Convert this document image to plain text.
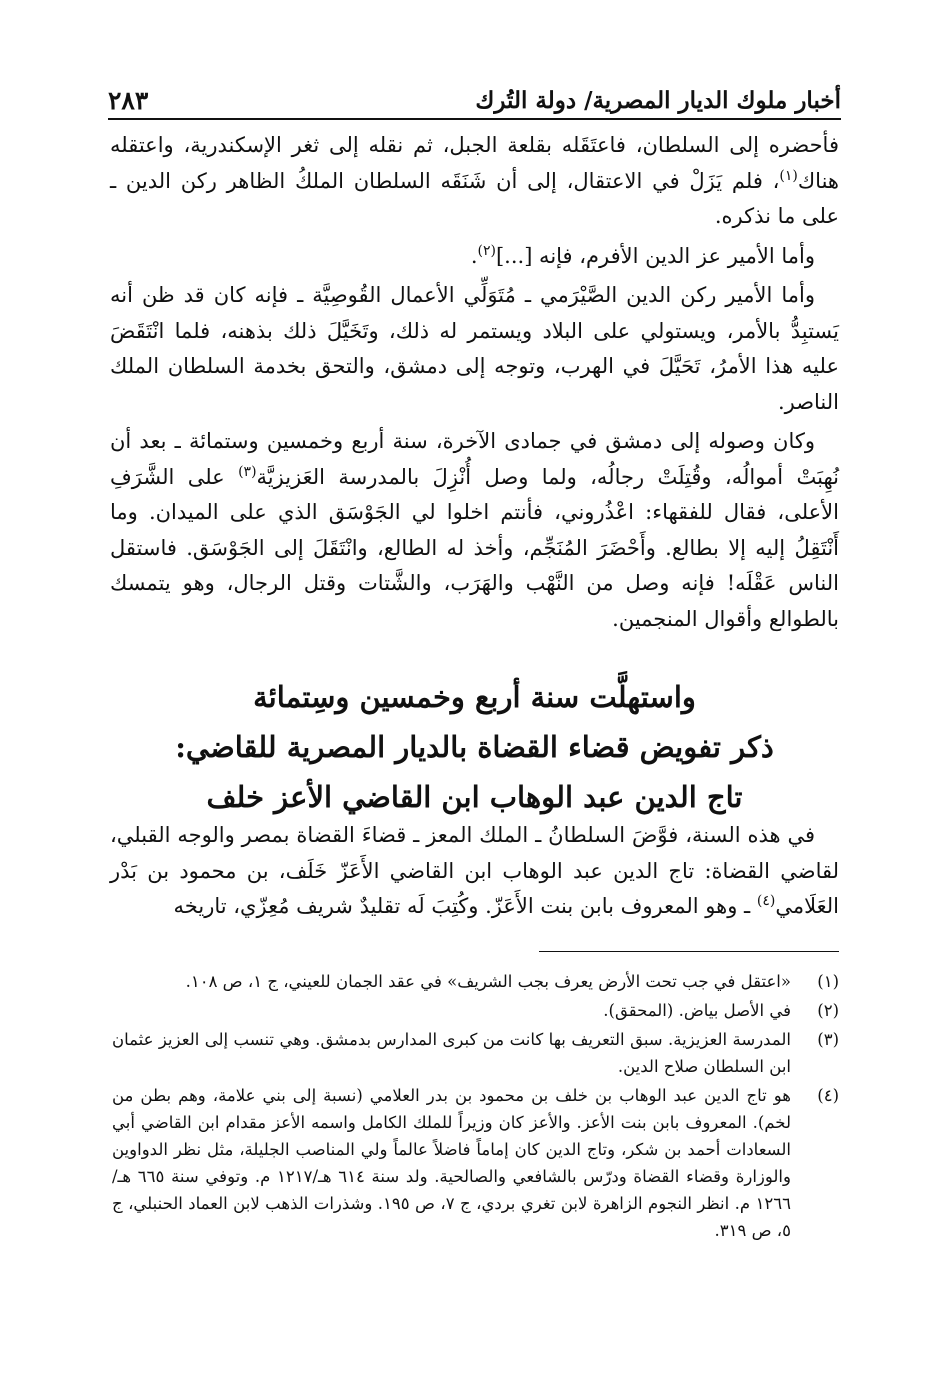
أخبار ملوك الديار المصرية/ دولة التُرك
٢٨٣

فأحضره إلى السلطان، فاعتَقَله بقلعة الجبل، ثم نقله إلى ثغر الإسكندرية، واعتقله هناك$^{(١)}$، فلم يَزَلْ في الاعتقال، إلى أن شَنَقَه السلطان الملكُ الظاهر ركن الدين ـ على ما نذكره.

وأما الأمير عز الدين الأفرم، فإنه [...]$^{(٢)}$.

وأما الأمير ركن الدين الصَّيْرَمي ـ مُتَوَلِّي الأعمال القُوصِيَّة ـ فإنه كان قد ظن أنه يَستبِدُّ بالأمر، ويستولي على البلاد ويستمر له ذلك، وتَخَيَّلَ ذلك بذهنه، فلما انْتَقَضَ عليه هذا الأمرُ، تَحَيَّلَ في الهرب، وتوجه إلى دمشق، والتحق بخدمة السلطان الملك الناصر.

وكان وصوله إلى دمشق في جمادى الآخرة، سنة أربع وخمسين وستمائة ـ بعد أن نُهِبَتْ أموالُه، وقُتِلَتْ رجالُه، ولما وصل أُنْزِلَ بالمدرسة العَزيزيَّة$^{(٣)}$ على الشَّرَفِ الأعلى، فقال للفقهاء: اعْذُروني، فأنتم اخلوا لي الجَوْسَق الذي على الميدان. وما أَنْتَقِلُ إليه إلا بطالع. وأَحْضَرَ المُنَجِّم، وأخذ له الطالع، وانْتَقَلَ إلى الجَوْسَق. فاستقل الناس عَقْلَه! فإنه وصل من النَّهْب والهَرَب، والشَّتات وقتل الرجال، وهو يتمسك بالطوالع وأقوال المنجمين.

واستهلَّت سنة أربع وخمسين وسِتمائة
ذكر تفويض قضاء القضاة بالديار المصرية للقاضي:
تاج الدين عبد الوهاب ابن القاضي الأعز خلف

في هذه السنة، فوَّضَ السلطانُ ـ الملك المعز ـ قضاءَ القضاة بمصر والوجه القبلي، لقاضي القضاة: تاج الدين عبد الوهاب ابن القاضي الأَعَزّ خَلَف، بن محمود بن بَدْر العَلَامي$^{(٤)}$ ـ وهو المعروف بابن بنت الأَعَزّ. وكُتِبَ لَه تقليدٌ شريف مُعِزّي، تاريخه

(١)
«اعتقل في جب تحت الأرض يعرف بجب الشريف» في عقد الجمان للعيني، ج ١، ص ١٠٨.
(٢)
في الأصل بياض. (المحقق).
(٣)
المدرسة العزيزية. سبق التعريف بها كانت من كبرى المدارس بدمشق. وهي تنسب إلى العزيز عثمان ابن السلطان صلاح الدين.
(٤)
هو تاج الدين عبد الوهاب بن خلف بن محمود بن بدر العلامي (نسبة إلى بني علامة، وهم بطن من لخم). المعروف بابن بنت الأعز. والأعز كان وزيراً للملك الكامل واسمه الأعز مقدام ابن القاضي أبي السعادات أحمد بن شكر، وتاج الدين كان إماماً فاضلاً عالماً ولي المناصب الجليلة، مثل نظر الدواوين والوزارة وقضاء القضاة ودرّس بالشافعي والصالحية. ولد سنة ٦١٤ هـ/١٢١٧ م. وتوفي سنة ٦٦٥ هـ/١٢٦٦ م. انظر النجوم الزاهرة لابن تغري بردي، ج ٧، ص ١٩٥. وشذرات الذهب لابن العماد الحنبلي، ج ٥، ص ٣١٩.
